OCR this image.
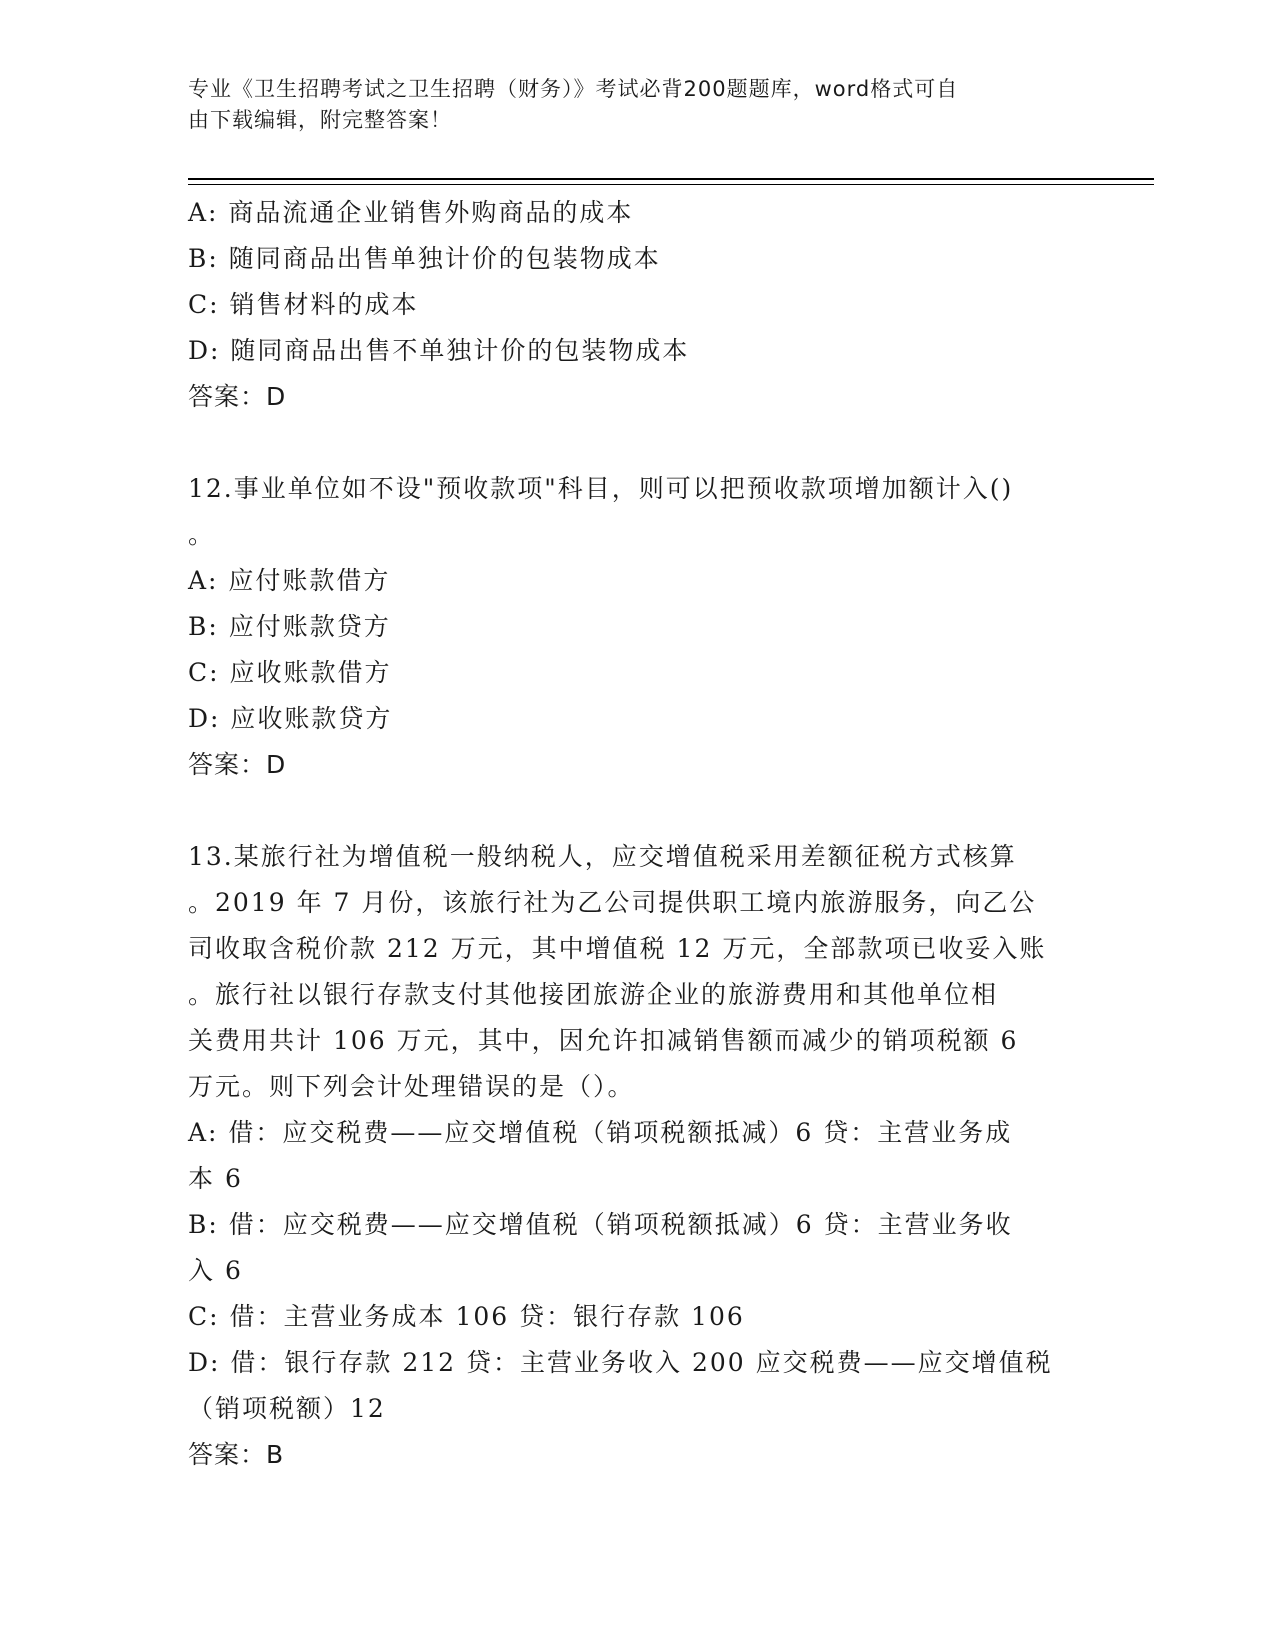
专业《卫生招聘考试之卫生招聘（财务）》考试必背200题题库，word格式可自
由下载编辑，附完整答案！
A: 商品流通企业销售外购商品的成本
B: 随同商品出售单独计价的包装物成本
C: 销售材料的成本
D: 随同商品出售不单独计价的包装物成本
答案：D
12.事业单位如不设"预收款项"科目，则可以把预收款项增加额计入()
。
A: 应付账款借方
B: 应付账款贷方
C: 应收账款借方
D: 应收账款贷方
答案：D
13.某旅行社为增值税一般纳税人，应交增值税采用差额征税方式核算
。2019 年 7 月份，该旅行社为乙公司提供职工境内旅游服务，向乙公
司收取含税价款 212 万元，其中增值税 12 万元，全部款项已收妥入账
。旅行社以银行存款支付其他接团旅游企业的旅游费用和其他单位相
关费用共计 106 万元，其中，因允许扣减销售额而减少的销项税额 6
万元。则下列会计处理错误的是（）。
A: 借：应交税费——应交增值税（销项税额抵减）6 贷：主营业务成
本 6
B: 借：应交税费——应交增值税（销项税额抵减）6 贷：主营业务收
入 6
C: 借：主营业务成本 106 贷：银行存款 106
D: 借：银行存款 212 贷：主营业务收入 200 应交税费——应交增值税
（销项税额）12
答案：B
